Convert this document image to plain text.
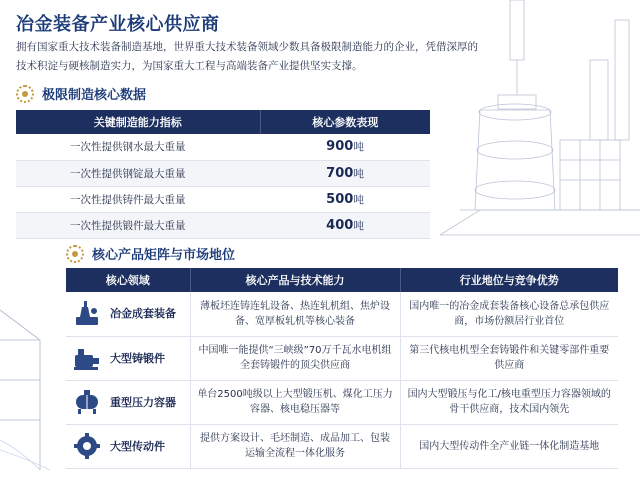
冶金装备产业核心供应商
拥有国家重大技术装备制造基地，世界重大技术装备领域少数具备极限制造能力的企业，凭借深厚的技术积淀与硬核制造实力，为国家重大工程与高端装备产业提供坚实支撑。
极限制造核心数据
关键制造能力指标	核心参数表现
一次性提供钢水最大重量	900吨
一次性提供钢锭最大重量	700吨
一次性提供铸件最大重量	500吨
一次性提供锻件最大重量	400吨
核心产品矩阵与市场地位
核心领域	核心产品与技术能力	行业地位与竞争优势

冶金成套装备	薄板坯连铸连轧设备、热连轧机组、焦炉设备、宽厚板轧机等核心装备	国内唯一的冶金成套装备核心设备总承包供应商，市场份额居行业首位

大型铸锻件	中国唯一能提供“三峡级”70万千瓦水电机组全套铸锻件的顶尖供应商	第三代核电机型全套铸锻件和关键零部件重要供应商

重型压力容器	单台2500吨级以上大型锻压机、煤化工压力容器、核电稳压器等	国内大型锻压与化工/核电重型压力容器领域的骨干供应商，技术国内领先

大型传动件	提供方案设计、毛坯制造、成品加工、包装运输全流程一体化服务	国内大型传动件全产业链一体化制造基地
